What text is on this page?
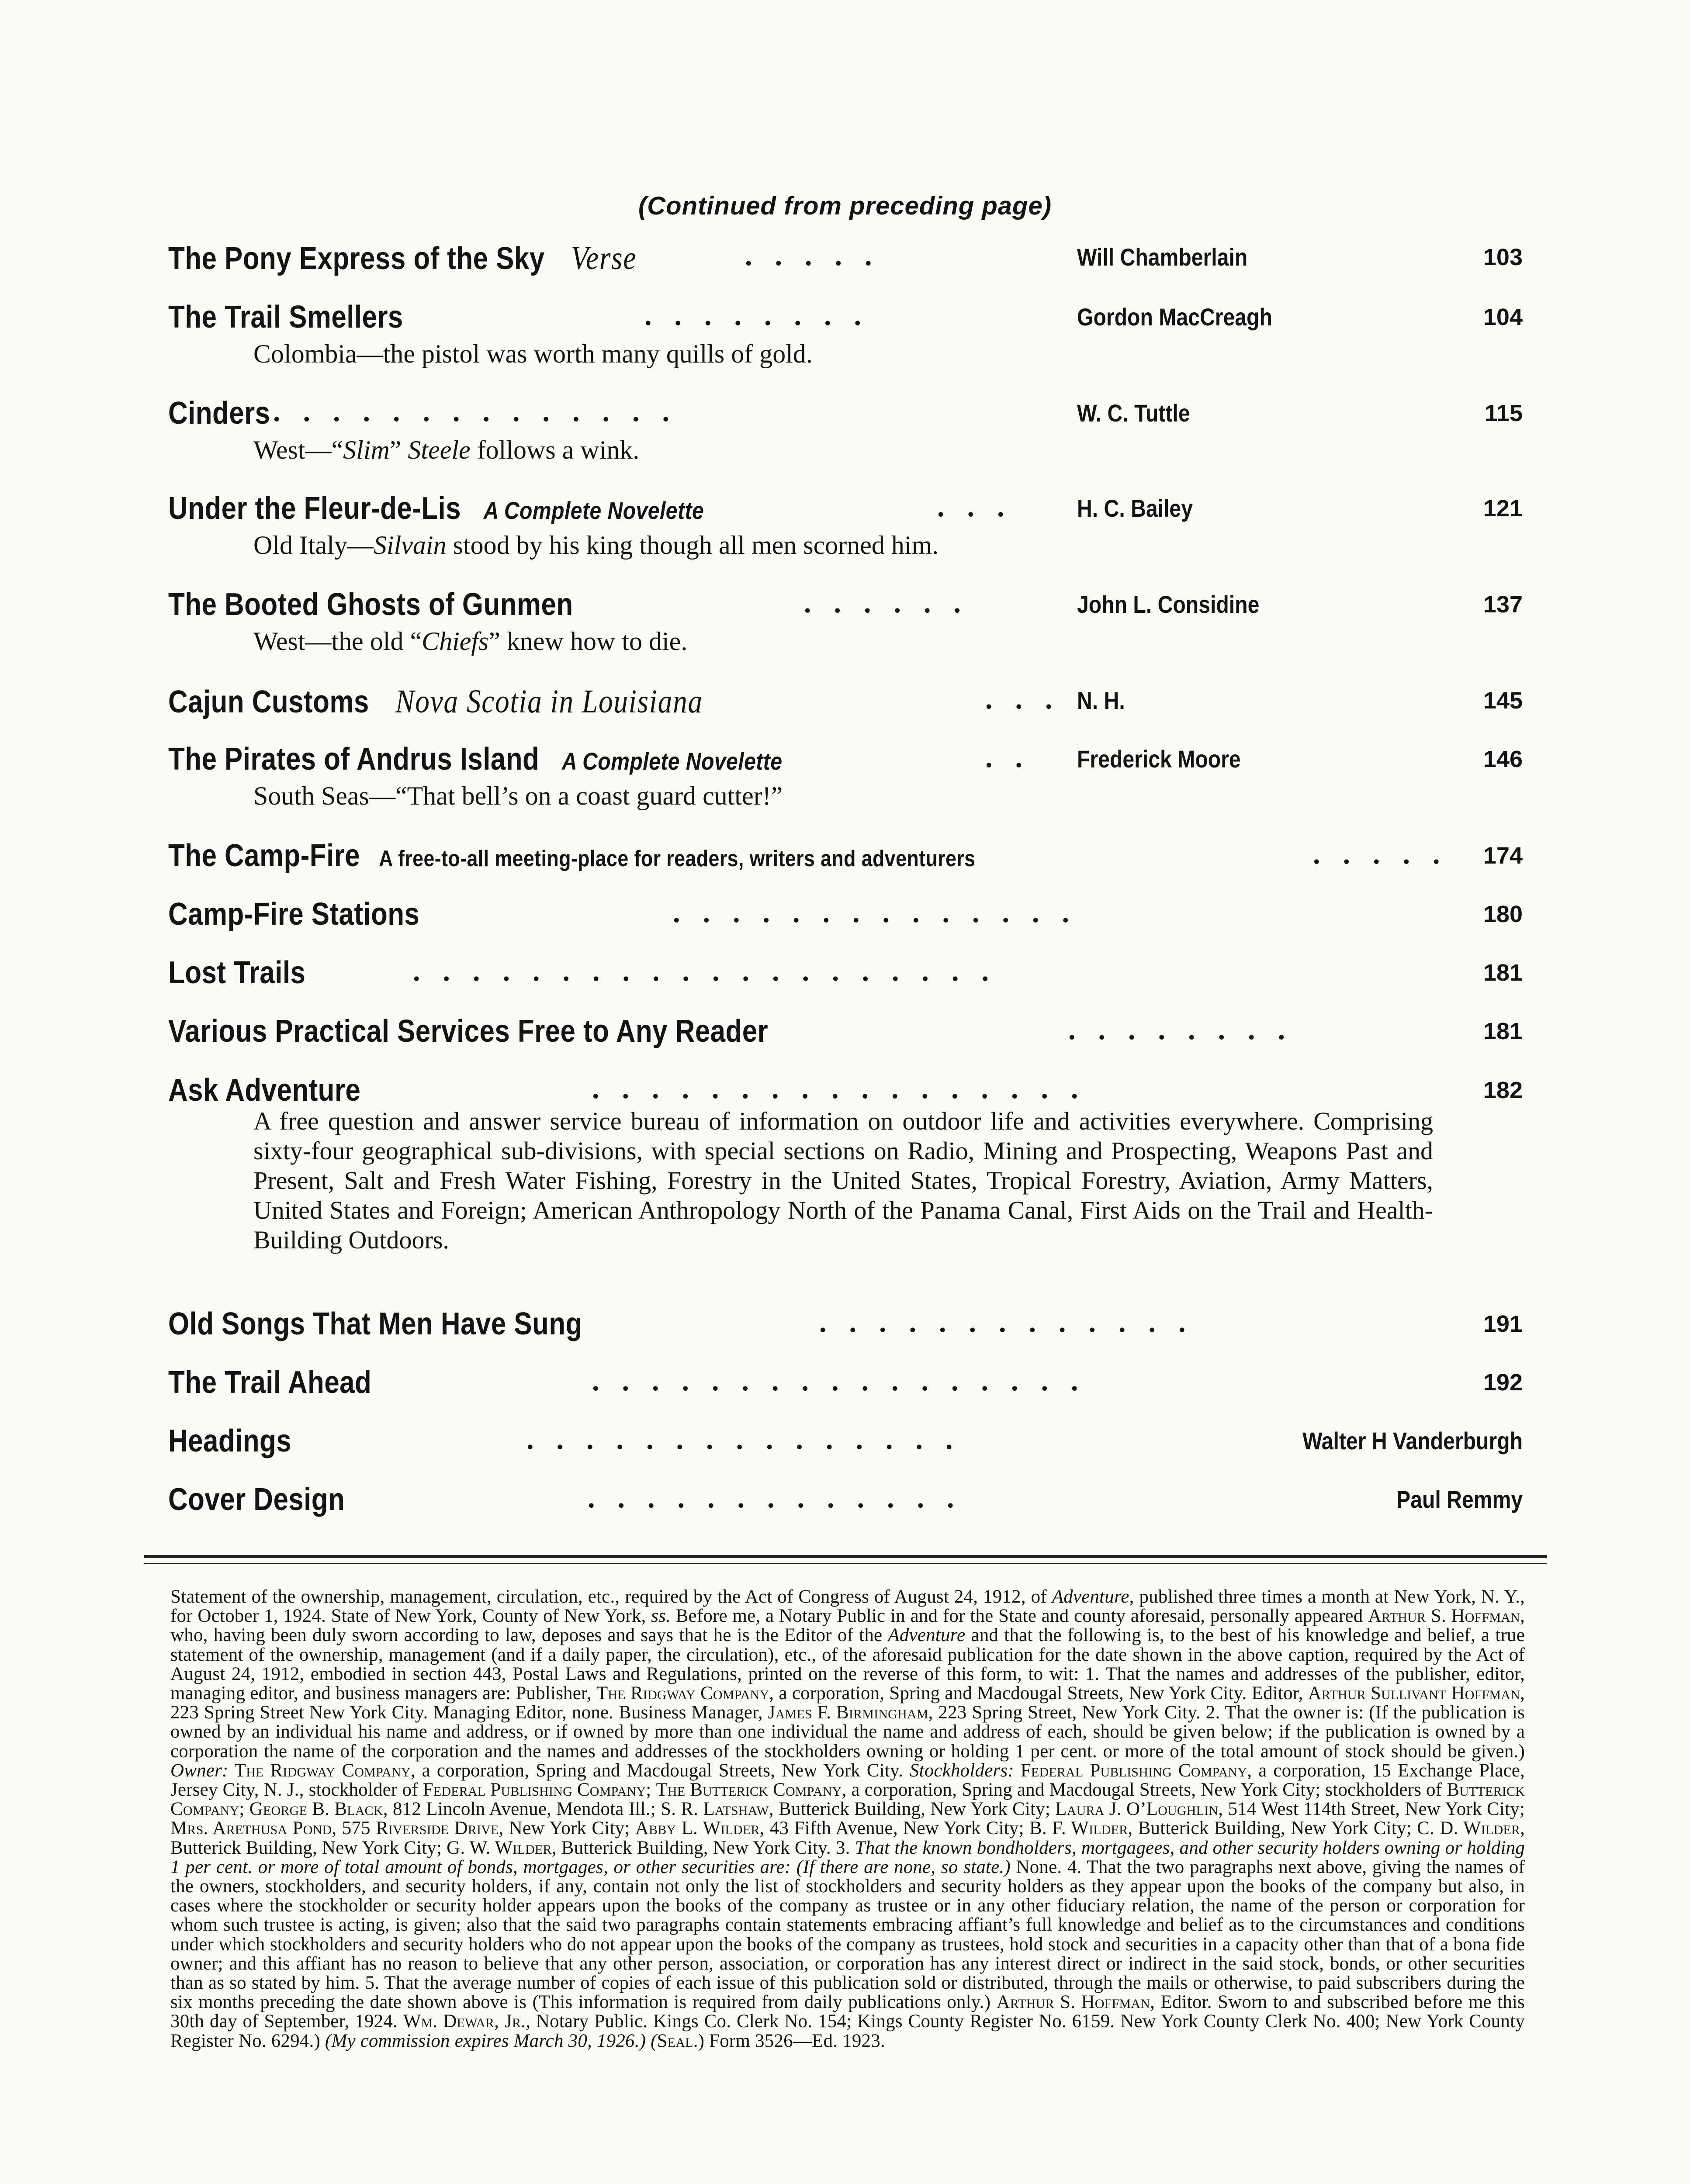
(Continued from preceding page)
The Pony Express of the Sky Verse	.....	Will Chamberlain	103
The Trail Smellers	........	Gordon MacCreagh	104
Colombia—the pistol was worth many quills of gold.
Cinders ..............	W. C. Tuttle	115
West—“Slim” Steele follows a wink.
Under the Fleur-de-Lis A Complete Novelette	... H. C. Bailey	121
Old Italy—Silvain stood by his king though all men scorned him.
The Booted Ghosts of Gunmen	......	John L. Considine	137
West—the old “Chiefs” knew how to die.
Cajun Customs Nova Scotia in Louisiana	... N. H.	145
The Pirates of Andrus Island A Complete Novelette	.. Frederick Moore	146
South Seas—“That bell’s on a coast guard cutter!”
The Camp-Fire A free-to-all meeting-place for readers, writers and adventurers	..... 174
Camp-Fire Stations	..............	180
Lost Trails	....................	181
Various Practical Services Free to Any Reader	........	181
Ask Adventure	.................	182
A free question and answer service bureau of information on outdoor life and activities everywhere. Comprising sixty-four geographical sub-divisions, with special sections on Radio, Mining and Prospecting, Weapons Past and Present, Salt and Fresh Water Fishing, Forestry in the United States, Tropical Forestry, Aviation, Army Matters, United States and Foreign; American Anthropology North of the Panama Canal, First Aids on the Trail and Health-Building Outdoors.
Old Songs That Men Have Sung	.............	191
The Trail Ahead	.................	192
Headings	...............	Walter H Vanderburgh
Cover Design	.............	Paul Remmy
Statement of the ownership, management, circulation, etc., required by the Act of Congress of August 24, 1912, of Adventure, published three times a month at New York, N. Y., for October 1, 1924. State of New York, County of New York, ss. Before me, a Notary Public in and for the State and county aforesaid, personally appeared Arthur S. Hoffman, who, having been duly sworn according to law, deposes and says that he is the Editor of the Adventure and that the following is, to the best of his knowledge and belief, a true statement of the ownership, management (and if a daily paper, the circulation), etc., of the aforesaid publication for the date shown in the above caption, required by the Act of August 24, 1912, embodied in section 443, Postal Laws and Regulations, printed on the reverse of this form, to wit: 1. That the names and addresses of the publisher, editor, managing editor, and business managers are: Publisher, The Ridgway Company, a corporation, Spring and Macdougal Streets, New York City. Editor, Arthur Sullivant Hoffman, 223 Spring Street New York City. Managing Editor, none. Business Manager, James F. Birmingham, 223 Spring Street, New York City. 2. That the owner is: (If the publication is owned by an individual his name and address, or if owned by more than one individual the name and address of each, should be given below; if the publication is owned by a corporation the name of the corporation and the names and addresses of the stockholders owning or holding 1 per cent. or more of the total amount of stock should be given.) Owner: The Ridgway Company, a corporation, Spring and Macdougal Streets, New York City. Stockholders: Federal Publishing Company, a corporation, 15 Exchange Place, Jersey City, N. J., stockholder of Federal Publishing Company; The Butterick Company, a corporation, Spring and Macdougal Streets, New York City; stockholders of Butterick Company; George B. Black, 812 Lincoln Avenue, Mendota Ill.; S. R. Latshaw, Butterick Building, New York City; Laura J. O’Loughlin, 514 West 114th Street, New York City; Mrs. Arethusa Pond, 575 Riverside Drive, New York City; Abby L. Wilder, 43 Fifth Avenue, New York City; B. F. Wilder, Butterick Building, New York City; C. D. Wilder, Butterick Building, New York City; G. W. Wilder, Butterick Building, New York City. 3. That the known bondholders, mortgagees, and other security holders owning or holding 1 per cent. or more of total amount of bonds, mortgages, or other securities are: (If there are none, so state.) None. 4. That the two paragraphs next above, giving the names of the owners, stockholders, and security holders, if any, contain not only the list of stockholders and security holders as they appear upon the books of the company but also, in cases where the stockholder or security holder appears upon the books of the company as trustee or in any other fiduciary relation, the name of the person or corporation for whom such trustee is acting, is given; also that the said two paragraphs contain statements embracing affiant’s full knowledge and belief as to the circumstances and conditions under which stockholders and security holders who do not appear upon the books of the company as trustees, hold stock and securities in a capacity other than that of a bona fide owner; and this affiant has no reason to believe that any other person, association, or corporation has any interest direct or indirect in the said stock, bonds, or other securities than as so stated by him. 5. That the average number of copies of each issue of this publication sold or distributed, through the mails or otherwise, to paid subscribers during the six months preceding the date shown above is (This information is required from daily publications only.) Arthur S. Hoffman, Editor. Sworn to and subscribed before me this 30th day of September, 1924. Wm. Dewar, Jr., Notary Public. Kings Co. Clerk No. 154; Kings County Register No. 6159. New York County Clerk No. 400; New York County Register No. 6294.) (My commission expires March 30, 1926.) (Seal.) Form 3526—Ed. 1923.
